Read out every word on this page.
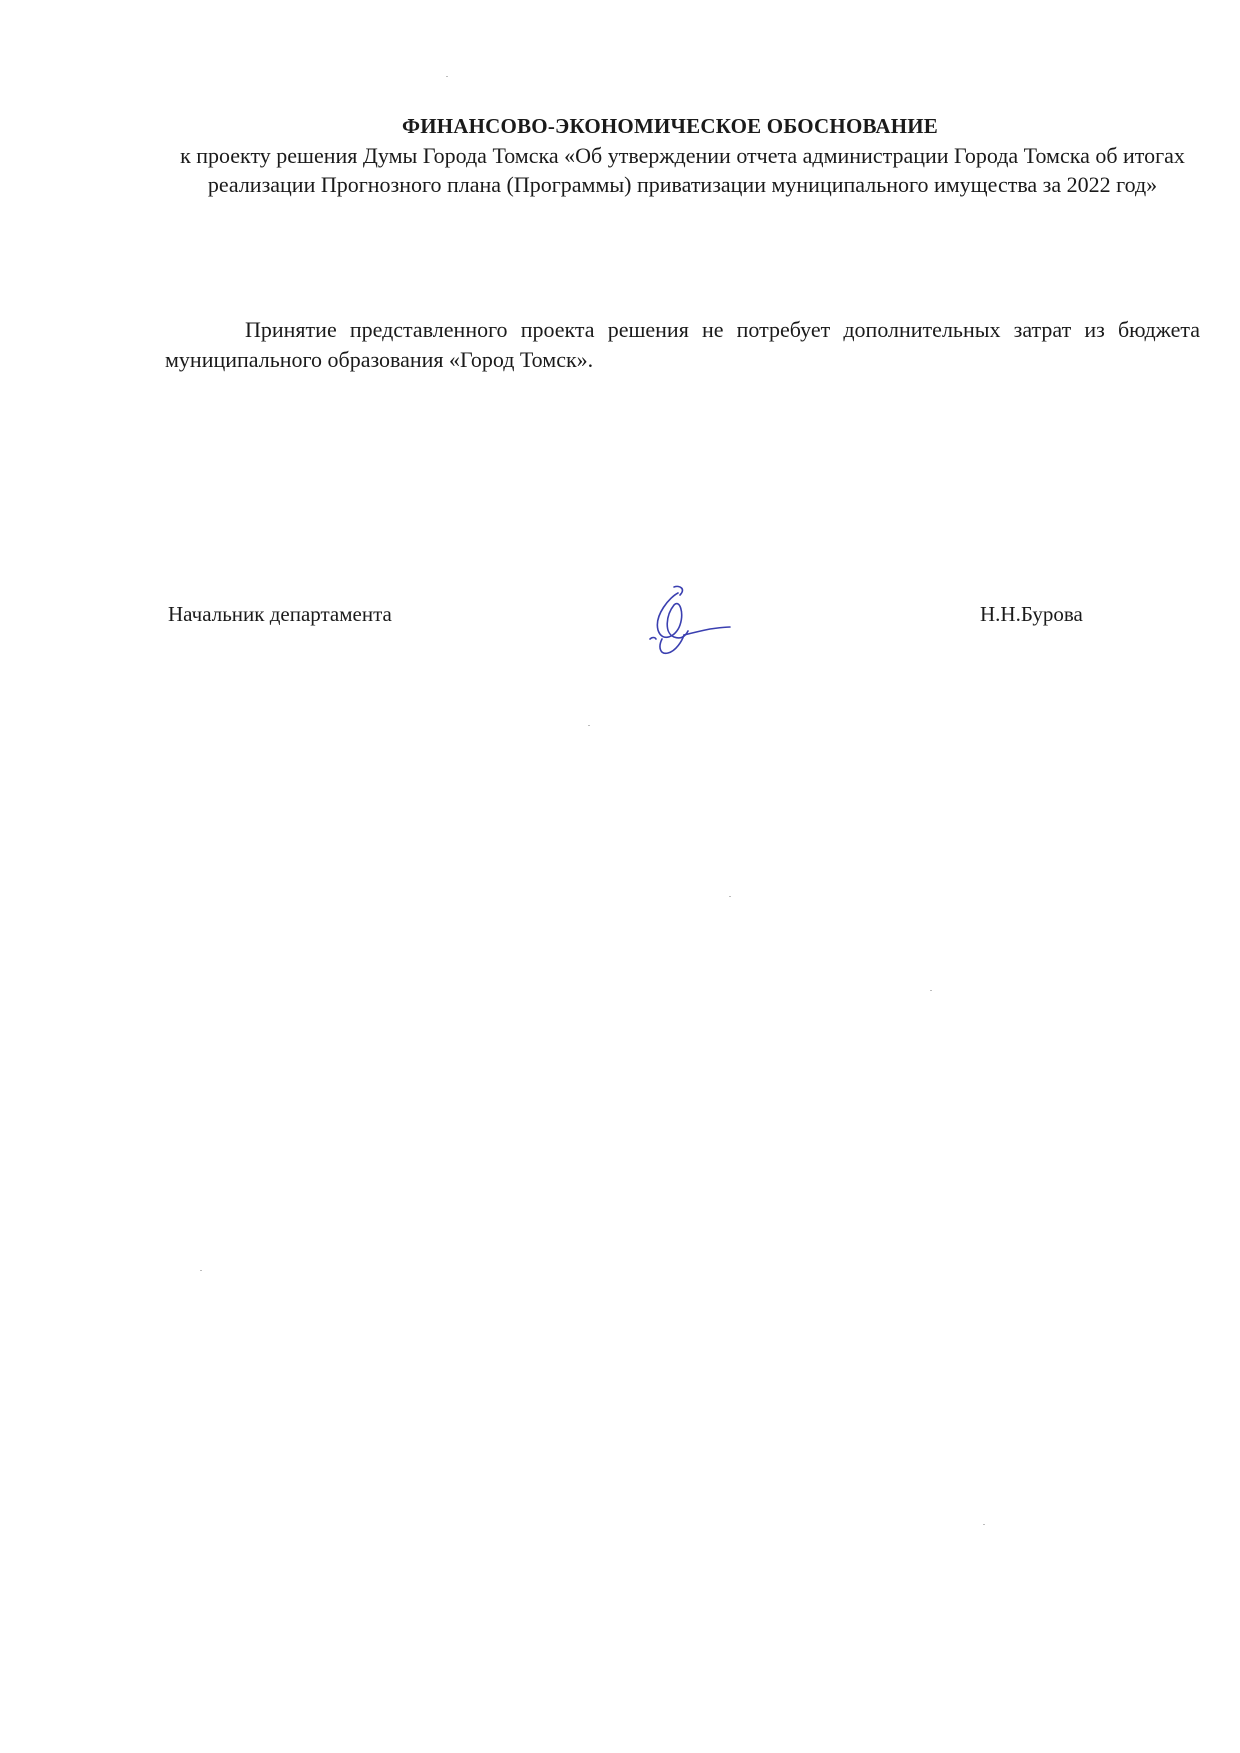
ФИНАНСОВО-ЭКОНОМИЧЕСКОЕ ОБОСНОВАНИЕ
к проекту решения Думы Города Томска «Об утверждении отчета администрации Города Томска об итогах реализации Прогнозного плана (Программы) приватизации муниципального имущества за 2022 год»
Принятие представленного проекта решения не потребует дополнительных затрат из бюджета муниципального образования «Город Томск».
Начальник департамента	Н.Н.Бурова
